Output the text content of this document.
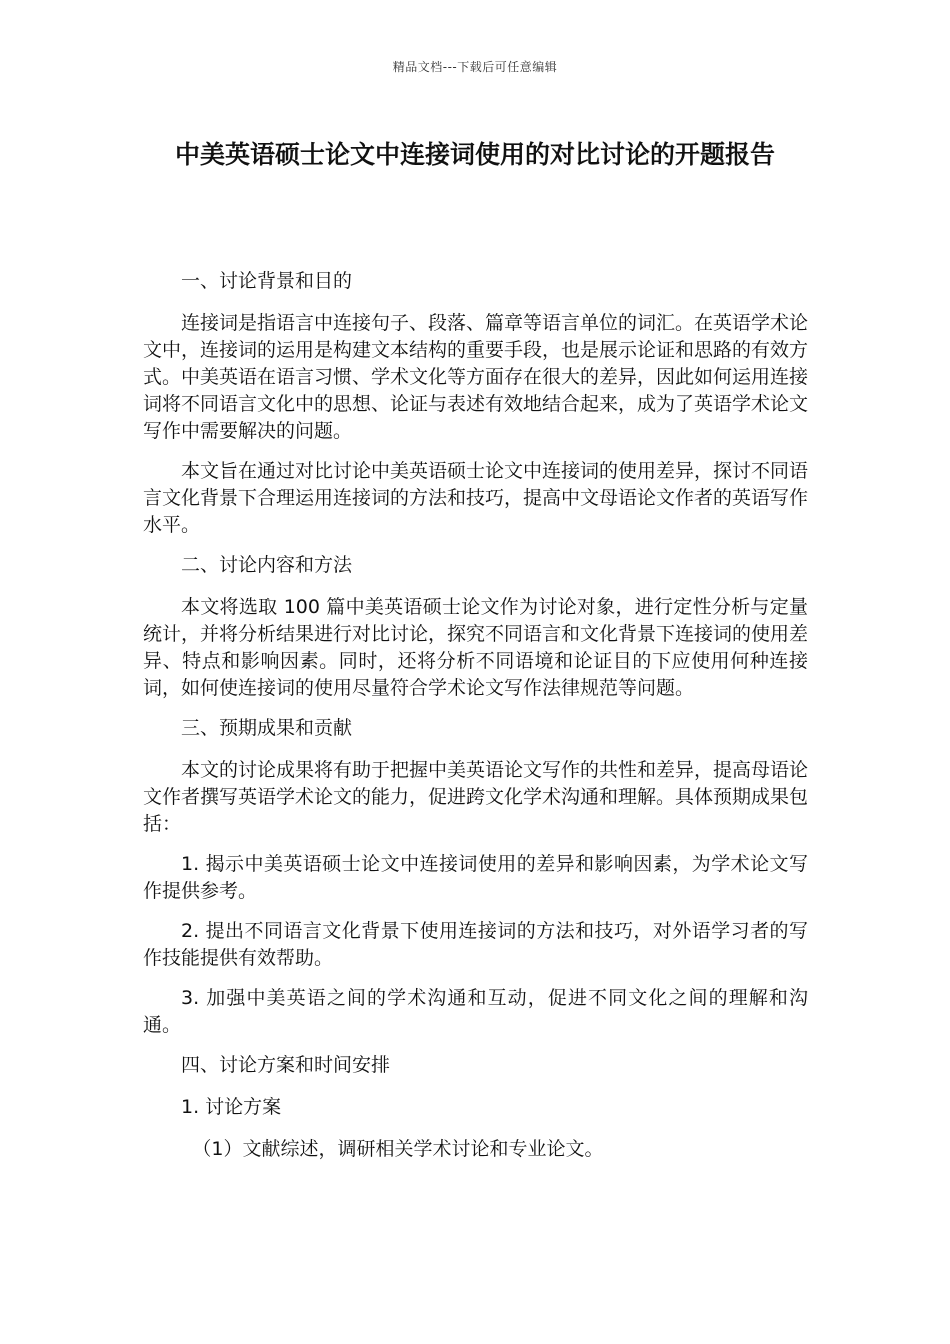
精品文档---下载后可任意编辑
中美英语硕士论文中连接词使用的对比讨论的开题报告

一、讨论背景和目的

连接词是指语言中连接句子、段落、篇章等语言单位的词汇。在英语学术论文中，连接词的运用是构建文本结构的重要手段，也是展示论证和思路的有效方式。中美英语在语言习惯、学术文化等方面存在很大的差异，因此如何运用连接词将不同语言文化中的思想、论证与表述有效地结合起来，成为了英语学术论文写作中需要解决的问题。

本文旨在通过对比讨论中美英语硕士论文中连接词的使用差异，探讨不同语言文化背景下合理运用连接词的方法和技巧，提高中文母语论文作者的英语写作水平。

二、讨论内容和方法

本文将选取 100 篇中美英语硕士论文作为讨论对象，进行定性分析与定量统计，并将分析结果进行对比讨论，探究不同语言和文化背景下连接词的使用差异、特点和影响因素。同时，还将分析不同语境和论证目的下应使用何种连接词，如何使连接词的使用尽量符合学术论文写作法律规范等问题。

三、预期成果和贡献

本文的讨论成果将有助于把握中美英语论文写作的共性和差异，提高母语论文作者撰写英语学术论文的能力，促进跨文化学术沟通和理解。具体预期成果包括：

1. 揭示中美英语硕士论文中连接词使用的差异和影响因素，为学术论文写作提供参考。

2. 提出不同语言文化背景下使用连接词的方法和技巧，对外语学习者的写作技能提供有效帮助。

3. 加强中美英语之间的学术沟通和互动，促进不同文化之间的理解和沟通。

四、讨论方案和时间安排

1. 讨论方案

（1）文献综述，调研相关学术讨论和专业论文。
